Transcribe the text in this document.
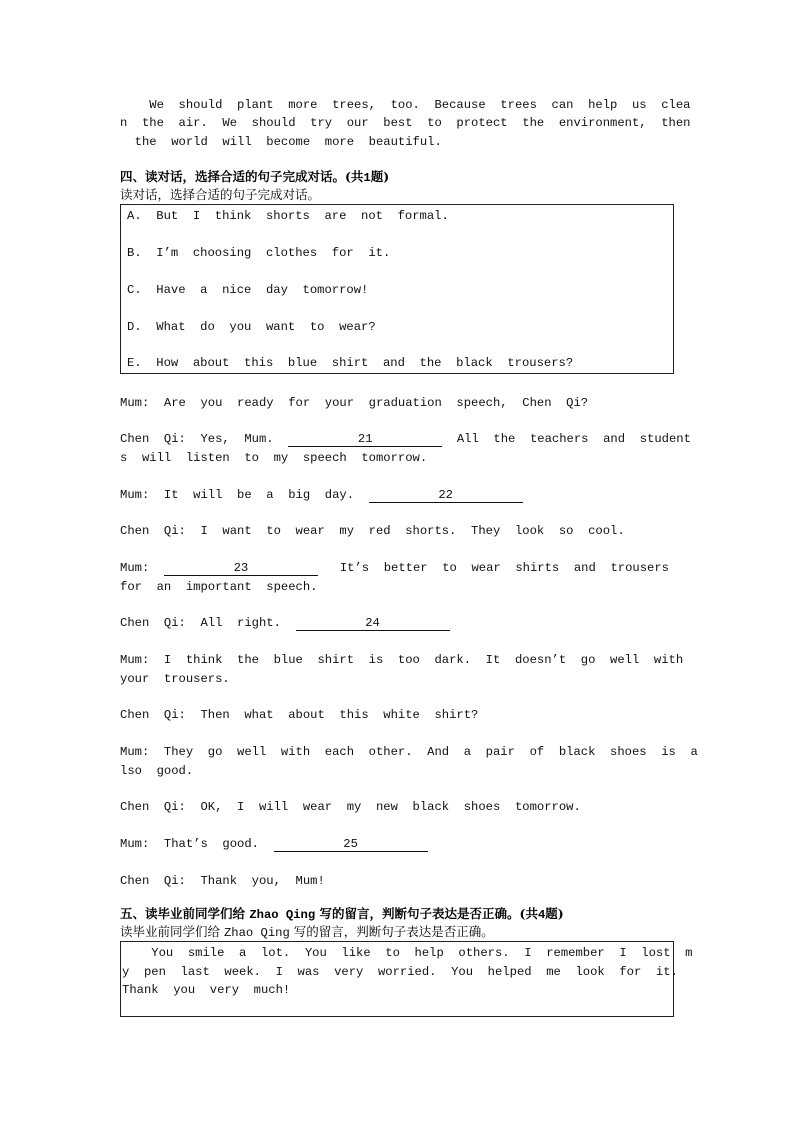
We  should  plant  more  trees,  too.  Because  trees  can  help  us  clea
n  the  air.  We  should  try  our  best  to  protect  the  environment,  then
the  world  will  become  more  beautiful.
四、读对话，选择合适的句子完成对话。(共1题)
读对话，选择合适的句子完成对话。
A.  But  I  think  shorts  are  not  formal.
B.  I’m  choosing  clothes  for  it.
C.  Have  a  nice  day  tomorrow!
D.  What  do  you  want  to  wear?
E.  How  about  this  blue  shirt  and  the  black  trousers?
Mum:  Are  you  ready  for  your  graduation  speech,  Chen  Qi?
Chen  Qi:  Yes,  Mum.	21	All  the  teachers  and  student
s  will  listen  to  my  speech  tomorrow.
Mum:  It  will  be  a  big  day.	22
Chen  Qi:  I  want  to  wear  my  red  shorts.  They  look  so  cool.
Mum:	23	It’s  better  to  wear  shirts  and  trousers
for  an  important  speech.
Chen  Qi:  All  right.	24
Mum:  I  think  the  blue  shirt  is  too  dark.  It  doesn’t  go  well  with
your  trousers.
Chen  Qi:  Then  what  about  this  white  shirt?
Mum:  They  go  well  with  each  other.  And  a  pair  of  black  shoes  is  a
lso  good.
Chen  Qi:  OK,  I  will  wear  my  new  black  shoes  tomorrow.
Mum:  That’s  good.	25
Chen  Qi:  Thank  you,  Mum!
五、读毕业前同学们给 Zhao Qing 写的留言，判断句子表达是否正确。(共4题)
读毕业前同学们给 Zhao Qing 写的留言，判断句子表达是否正确。
You  smile  a  lot.  You  like  to  help  others.  I  remember  I  lost  m
y  pen  last  week.  I  was  very  worried.  You  helped  me  look  for  it.
Thank  you  very  much!
